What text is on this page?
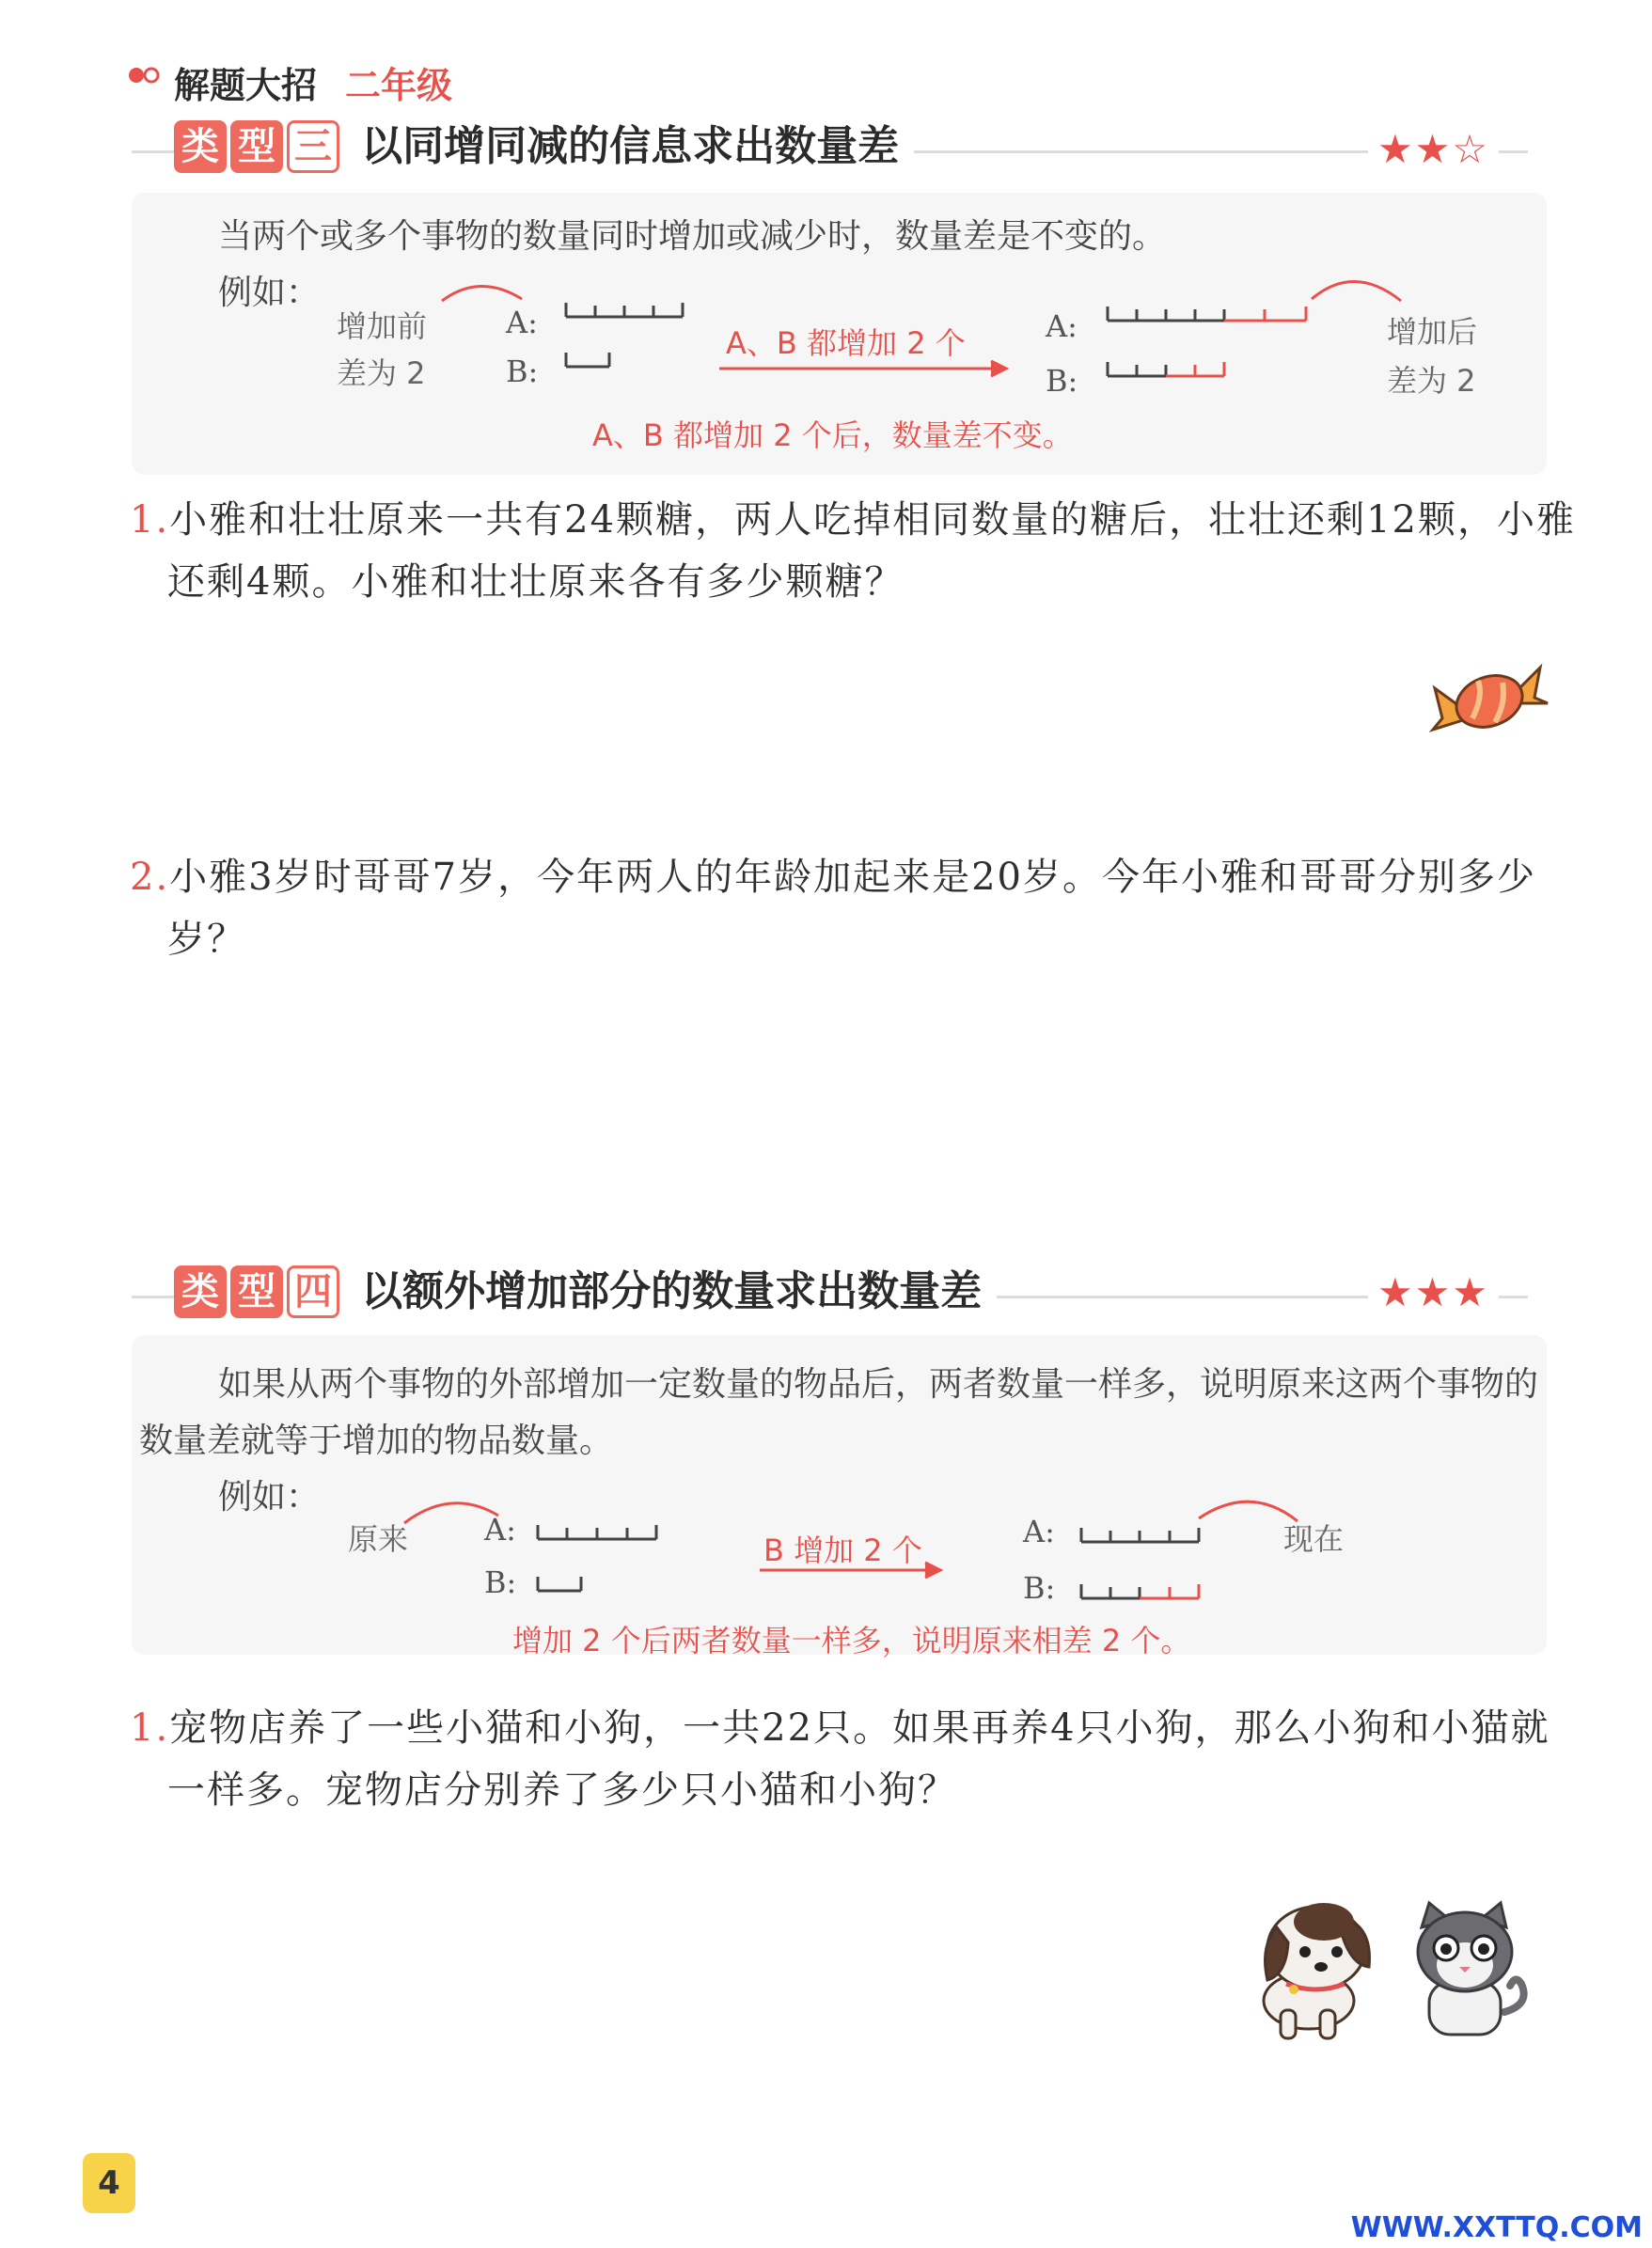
解题大招 二年级
类 型 三 以同增同减的信息求出数量差	★★☆
当两个或多个事物的数量同时增加或减少时，数量差是不变的。
例如：
增加前
差为 2
A:
B:
A、B 都增加 2 个	A:
B:
增加后
差为 2
A、B 都增加 2 个后，数量差不变。
1.小雅和壮壮原来一共有24颗糖，两人吃掉相同数量的糖后，壮壮还剩12颗，小雅还剩4颗。小雅和壮壮原来各有多少颗糖？
2.小雅3岁时哥哥7岁，今年两人的年龄加起来是20岁。今年小雅和哥哥分别多少岁？
类 型 四 以额外增加部分的数量求出数量差	★★★
如果从两个事物的外部增加一定数量的物品后，两者数量一样多，说明原来这两个事物的数量差就等于增加的物品数量。
例如：
原来	A:
B:
B 增加 2 个
A:
B:
现在
增加 2 个后两者数量一样多，说明原来相差 2 个。
1.宠物店养了一些小猫和小狗，一共22只。如果再养4只小狗，那么小狗和小猫就一样多。宠物店分别养了多少只小猫和小狗？
4
WWW.XXTTQ.COM
